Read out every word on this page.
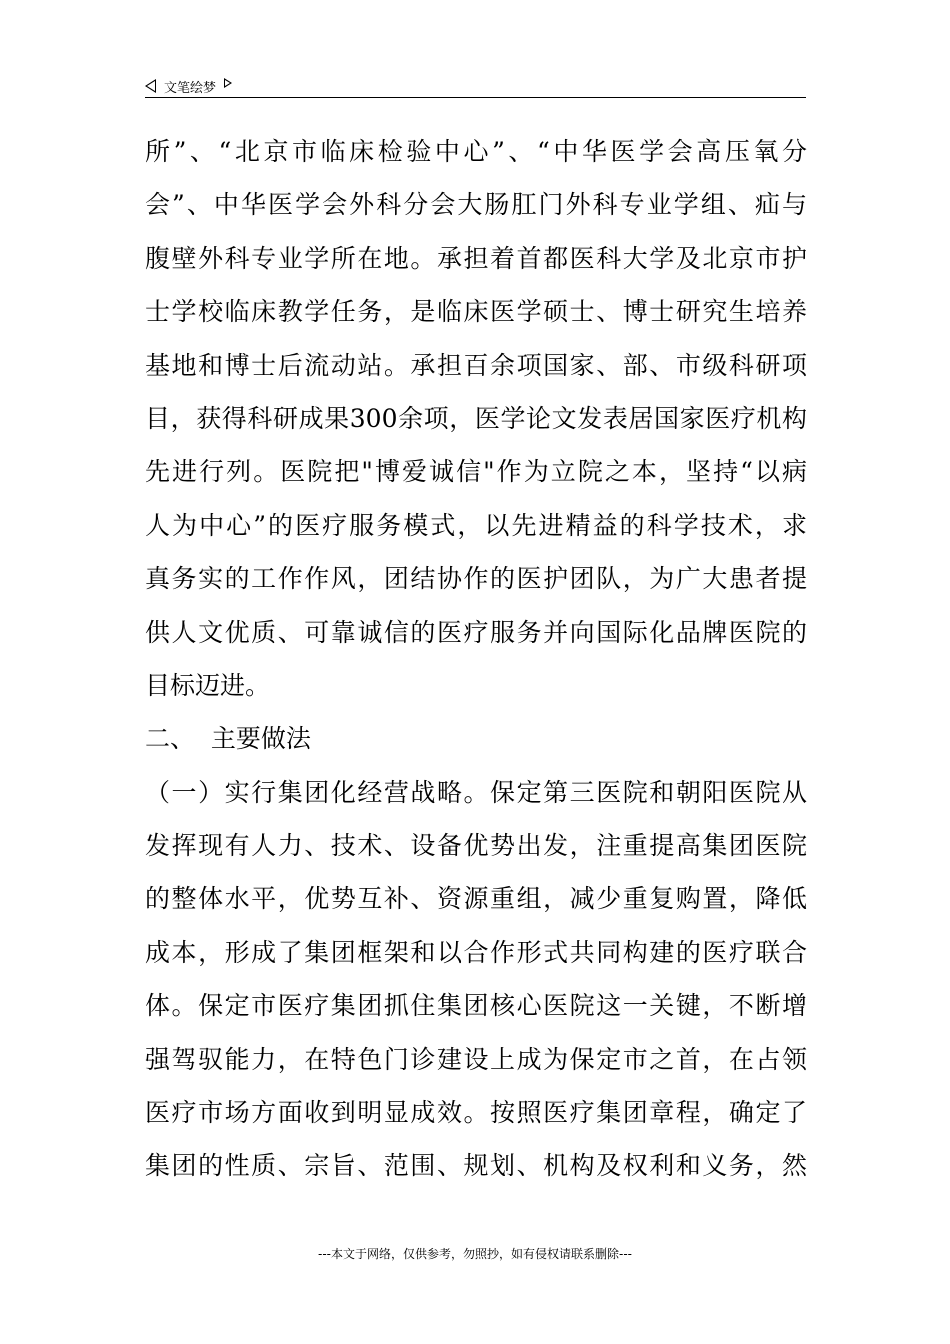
文笔绘梦
所”、“北京市临床检验中心”、“中华医学会高压氧分
会”、中华医学会外科分会大肠肛门外科专业学组、疝与
腹壁外科专业学所在地。承担着首都医科大学及北京市护
士学校临床教学任务，是临床医学硕士、博士研究生培养
基地和博士后流动站。承担百余项国家、部、市级科研项
目，获得科研成果300余项，医学论文发表居国家医疗机构
先进行列。医院把"博爱诚信"作为立院之本，坚持“以病
人为中心”的医疗服务模式，以先进精益的科学技术，求
真务实的工作作风，团结协作的医护团队，为广大患者提
供人文优质、可靠诚信的医疗服务并向国际化品牌医院的
目标迈进。
二、  主要做法
（一）实行集团化经营战略。保定第三医院和朝阳医院从
发挥现有人力、技术、设备优势出发，注重提高集团医院
的整体水平，优势互补、资源重组，减少重复购置，降低
成本，形成了集团框架和以合作形式共同构建的医疗联合
体。保定市医疗集团抓住集团核心医院这一关键，不断增
强驾驭能力，在特色门诊建设上成为保定市之首，在占领
医疗市场方面收到明显成效。按照医疗集团章程，确定了
集团的性质、宗旨、范围、规划、机构及权利和义务，然
---本文于网络，仅供参考，勿照抄，如有侵权请联系删除---
